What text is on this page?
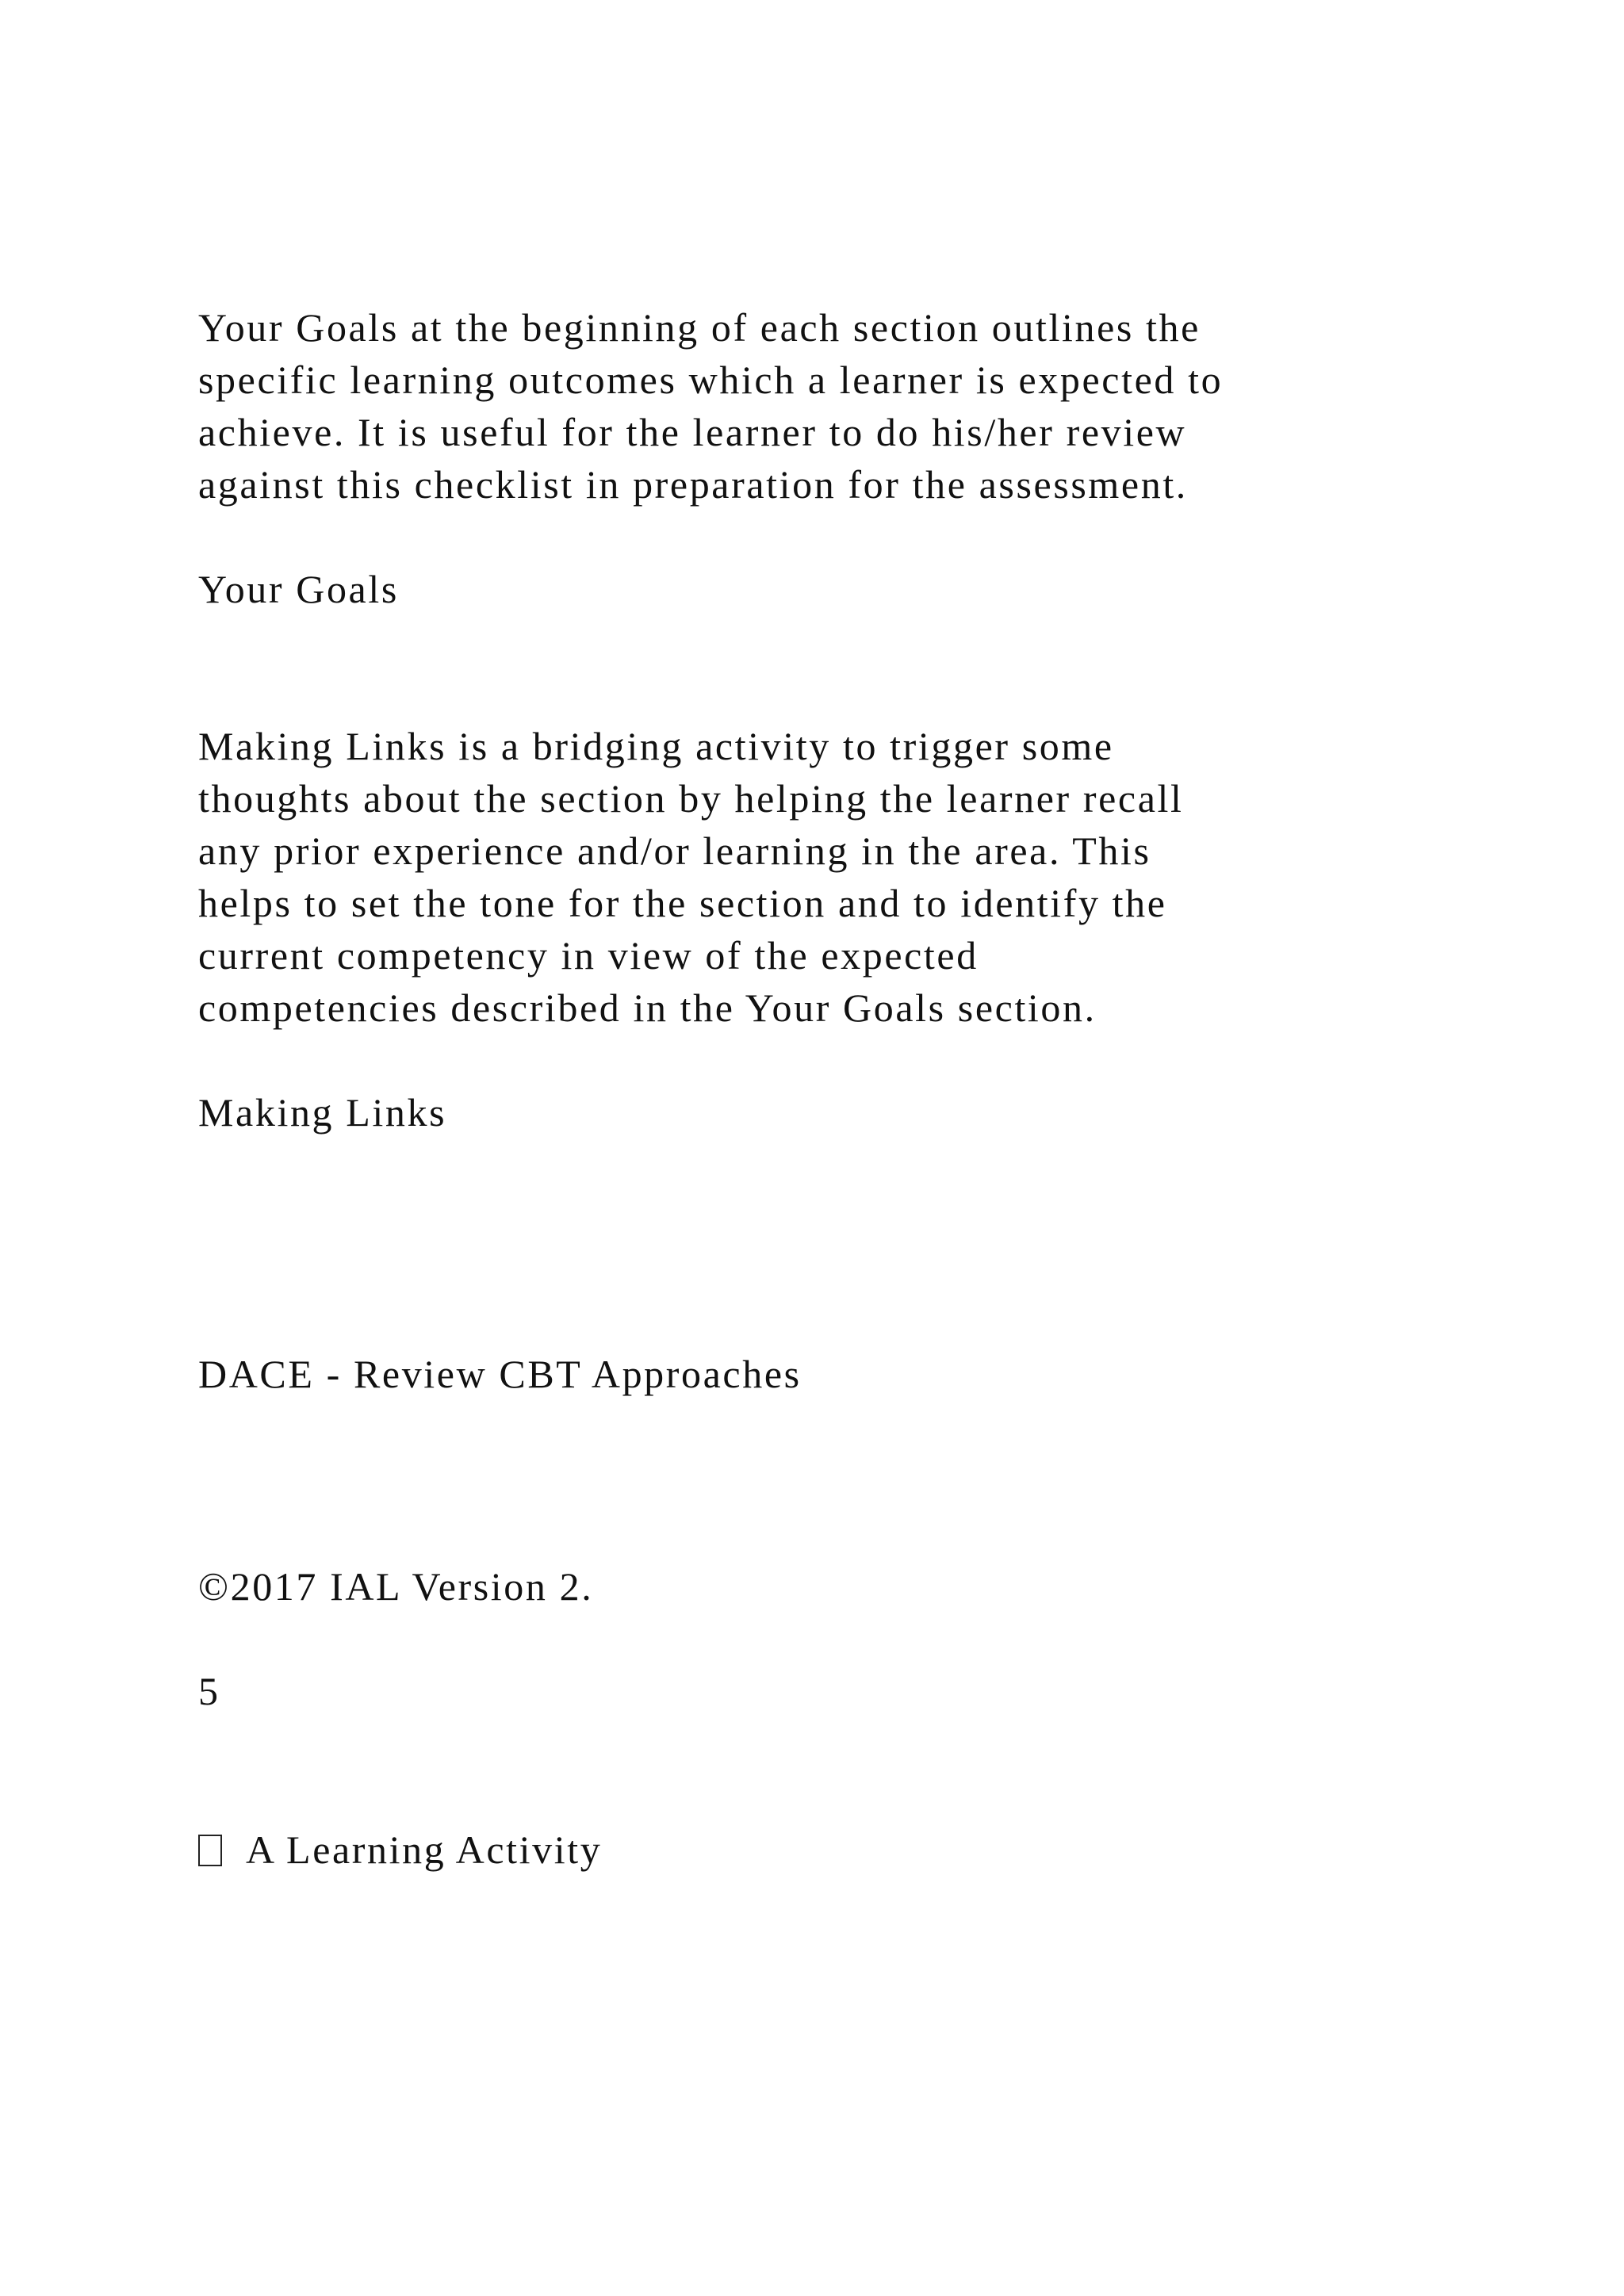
Your Goals at the beginning of each section outlines the
specific learning outcomes which a learner is expected to
achieve. It is useful for the learner to do his/her review
against this checklist in preparation for the assessment.

Your Goals

Making Links is a bridging activity to trigger some
thoughts about the section by helping the learner recall
any prior experience and/or learning in the area. This
helps to set the tone for the section and to identify the
current competency in view of the expected
competencies described in the Your Goals section.

Making Links

DACE - Review CBT Approaches

©2017 IAL Version 2.

5

A Learning Activity
